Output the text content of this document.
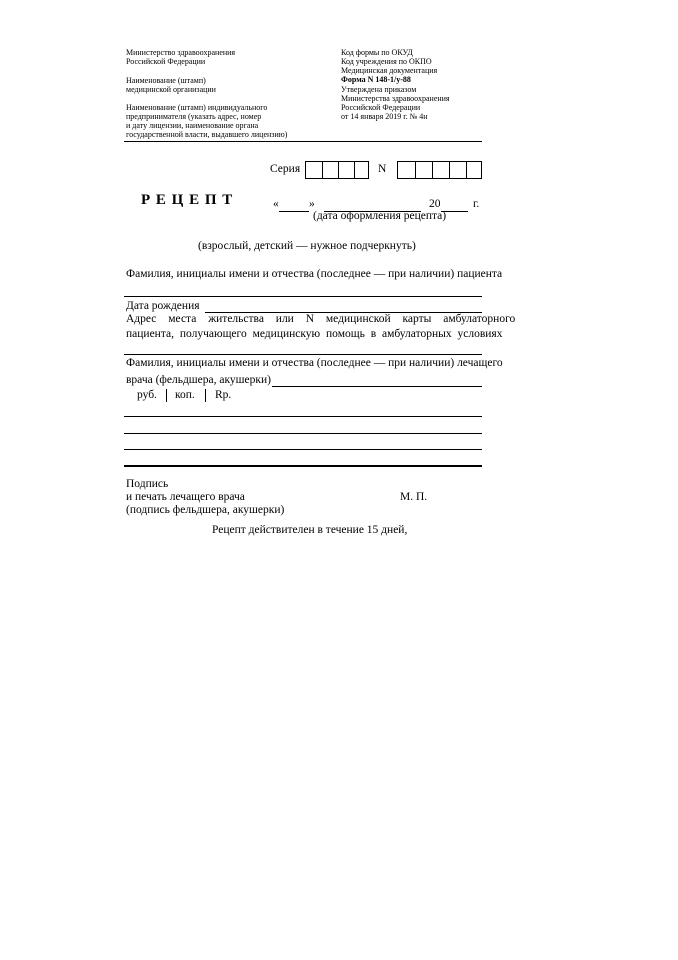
Министерство здравоохранения
Российской Федерации
Наименование (штамп)
медицинской организации
Наименование (штамп) индивидуального
предпринимателя (указать адрес, номер
и дату лицензии, наименование органа
государственной власти, выдавшего лицензию)
Код формы по ОКУД
Код учреждения по ОКПО
Медицинская документация
Форма N 148-1/у-88
Утверждена приказом
Министерства здравоохранения
Российской Федерации
от 14 января 2019 г. № 4н
Серия	N
Р Е Ц Е П Т	«	»	20	г.
(дата оформления рецепта)
(взрослый, детский — нужное подчеркнуть)
Фамилия, инициалы имени и отчества (последнее — при наличии) пациента
Дата рождения
Адрес места жительства или N медицинской карты амбулаторного
пациента, получающего медицинскую помощь в амбулаторных условиях
Фамилия, инициалы имени и отчества (последнее — при наличии) лечащего
врача (фельдшера, акушерки)
руб. коп. Rp.
Подпись
и печать лечащего врача
(подпись фельдшера, акушерки)
М. П.
Рецепт действителен в течение 15 дней,
